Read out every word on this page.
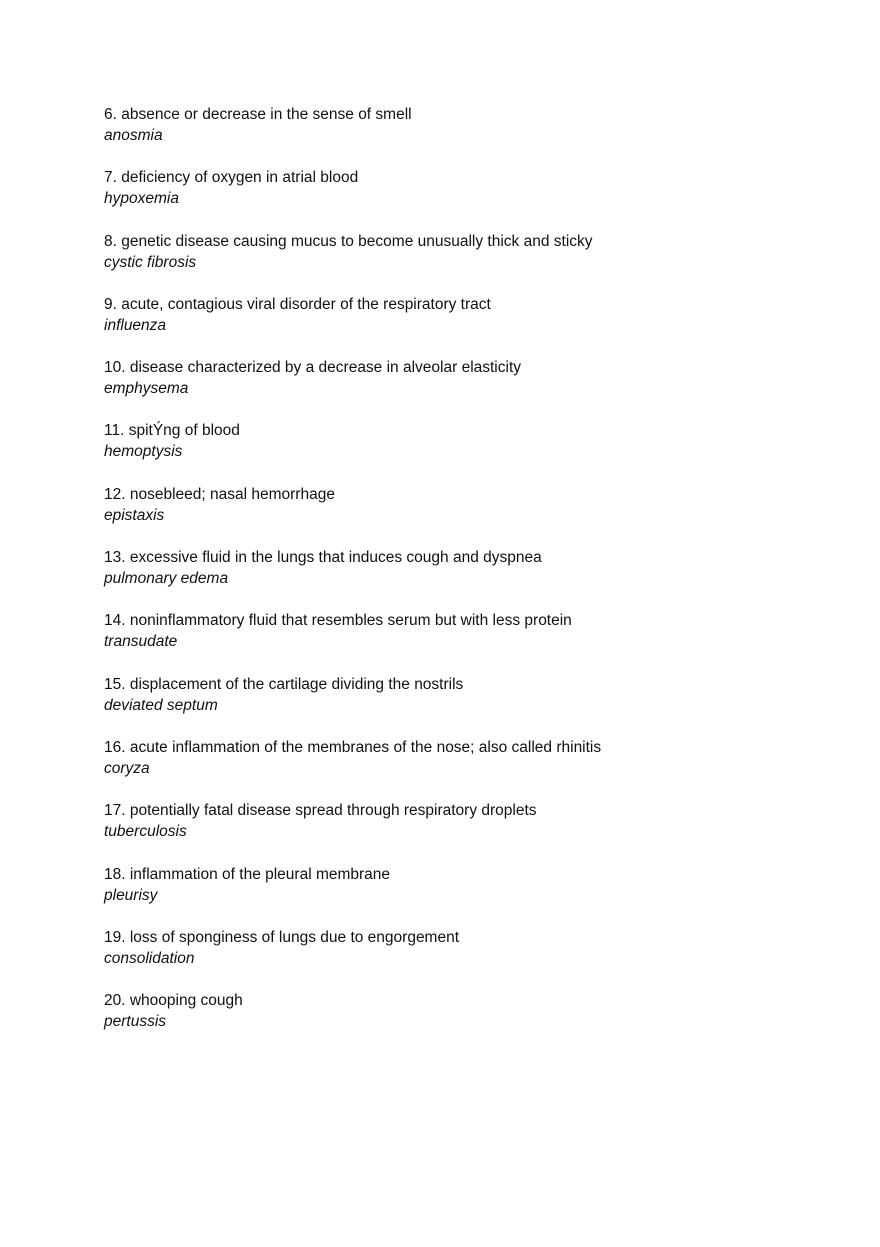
6. absence or decrease in the sense of smell
anosmia
7. deficiency of oxygen in atrial blood
hypoxemia
8. genetic disease causing mucus to become unusually thick and sticky
cystic fibrosis
9. acute, contagious viral disorder of the respiratory tract
influenza
10. disease characterized by a decrease in alveolar elasticity
emphysema
11. spitÝng of blood
hemoptysis
12. nosebleed; nasal hemorrhage
epistaxis
13. excessive fluid in the lungs that induces cough and dyspnea
pulmonary edema
14. noninflammatory fluid that resembles serum but with less protein
transudate
15. displacement of the cartilage dividing the nostrils
deviated septum
16. acute inflammation of the membranes of the nose; also called rhinitis
coryza
17. potentially fatal disease spread through respiratory droplets
tuberculosis
18. inflammation of the pleural membrane
pleurisy
19. loss of sponginess of lungs due to engorgement
consolidation
20. whooping cough
pertussis
